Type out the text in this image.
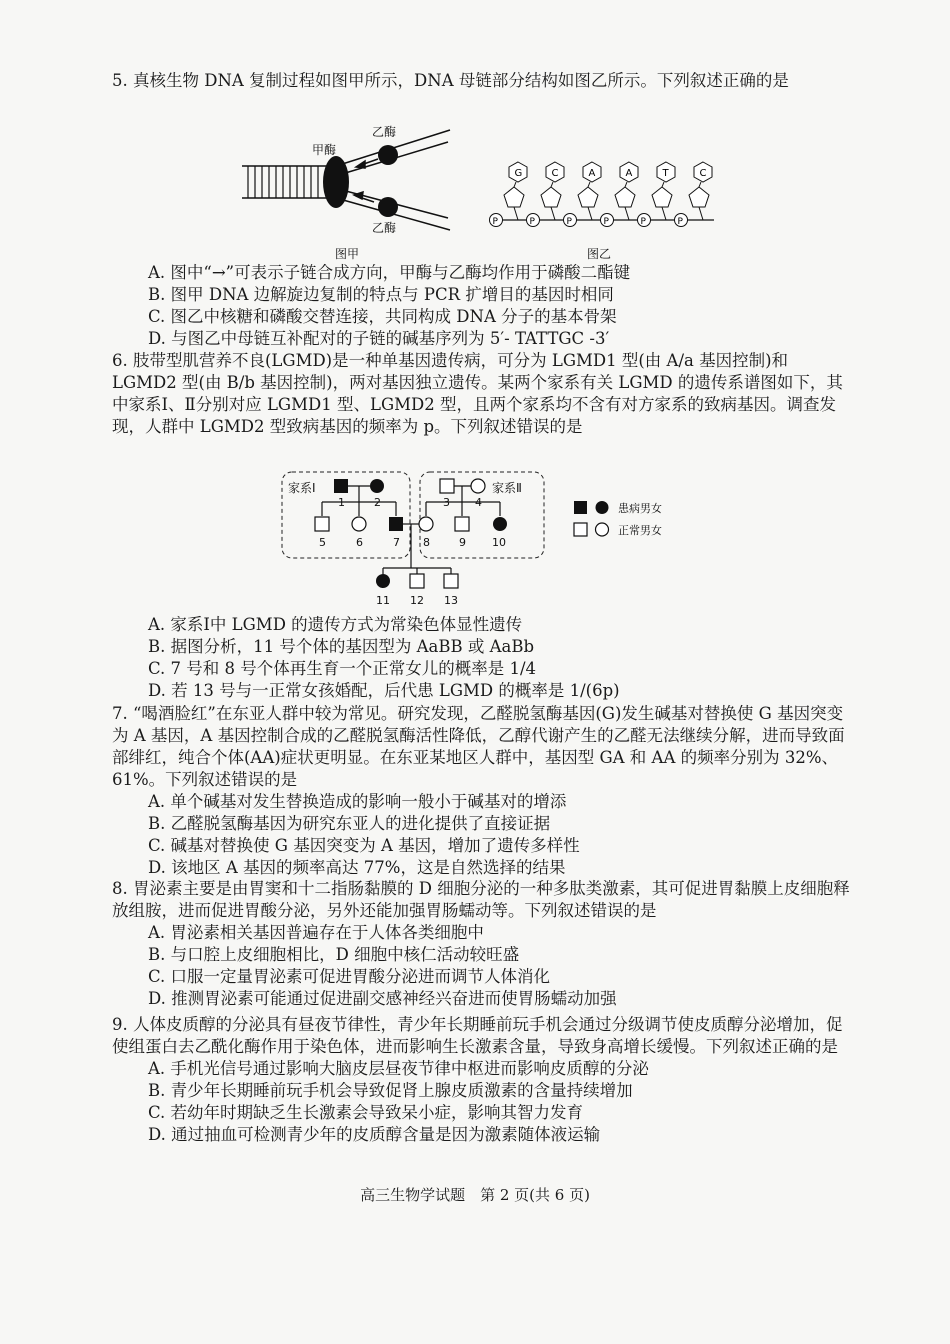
5. 真核生物 DNA 复制过程如图甲所示，DNA 母链部分结构如图乙所示。下列叙述正确的是

甲酶
乙酶
乙酶
图甲
P
G
P
C
P
A
P
A
P
T
P
C
图乙

A. 图中“→”可表示子链合成方向，甲酶与乙酶均作用于磷酸二酯键

B. 图甲 DNA 边解旋边复制的特点与 PCR 扩增目的基因时相同

C. 图乙中核糖和磷酸交替连接，共同构成 DNA 分子的基本骨架

D. 与图乙中母链互补配对的子链的碱基序列为 5′- TATTGC -3′

6. 肢带型肌营养不良(LGMD)是一种单基因遗传病，可分为 LGMD1 型(由 A/a 基因控制)和 LGMD2 型(由 B/b 基因控制)，两对基因独立遗传。某两个家系有关 LGMD 的遗传系谱图如下，其中家系Ⅰ、Ⅱ分别对应 LGMD1 型、LGMD2 型，且两个家系均不含有对方家系的致病基因。调查发现，人群中 LGMD2 型致病基因的频率为 p。下列叙述错误的是

家系Ⅰ	家系Ⅱ
1	2	3 4
5	6	7 8	9 10
11 12 13
患病男女
正常男女

A. 家系Ⅰ中 LGMD 的遗传方式为常染色体显性遗传

B. 据图分析，11 号个体的基因型为 AaBB 或 AaBb

C. 7 号和 8 号个体再生育一个正常女儿的概率是 1/4

D. 若 13 号与一正常女孩婚配，后代患 LGMD 的概率是 1/(6p)

7. “喝酒脸红”在东亚人群中较为常见。研究发现，乙醛脱氢酶基因(G)发生碱基对替换使 G 基因突变为 A 基因，A 基因控制合成的乙醛脱氢酶活性降低，乙醇代谢产生的乙醛无法继续分解，进而导致面部绯红，纯合个体(AA)症状更明显。在东亚某地区人群中，基因型 GA 和 AA 的频率分别为 32%、61%。下列叙述错误的是

A. 单个碱基对发生替换造成的影响一般小于碱基对的增添

B. 乙醛脱氢酶基因为研究东亚人的进化提供了直接证据

C. 碱基对替换使 G 基因突变为 A 基因，增加了遗传多样性

D. 该地区 A 基因的频率高达 77%，这是自然选择的结果

8. 胃泌素主要是由胃窦和十二指肠黏膜的 D 细胞分泌的一种多肽类激素，其可促进胃黏膜上皮细胞释放组胺，进而促进胃酸分泌，另外还能加强胃肠蠕动等。下列叙述错误的是

A. 胃泌素相关基因普遍存在于人体各类细胞中

B. 与口腔上皮细胞相比，D 细胞中核仁活动较旺盛

C. 口服一定量胃泌素可促进胃酸分泌进而调节人体消化

D. 推测胃泌素可能通过促进副交感神经兴奋进而使胃肠蠕动加强

9. 人体皮质醇的分泌具有昼夜节律性，青少年长期睡前玩手机会通过分级调节使皮质醇分泌增加，促使组蛋白去乙酰化酶作用于染色体，进而影响生长激素含量，导致身高增长缓慢。下列叙述正确的是

A. 手机光信号通过影响大脑皮层昼夜节律中枢进而影响皮质醇的分泌

B. 青少年长期睡前玩手机会导致促肾上腺皮质激素的含量持续增加

C. 若幼年时期缺乏生长激素会导致呆小症，影响其智力发育

D. 通过抽血可检测青少年的皮质醇含量是因为激素随体液运输

高三生物学试题　第 2 页(共 6 页)
